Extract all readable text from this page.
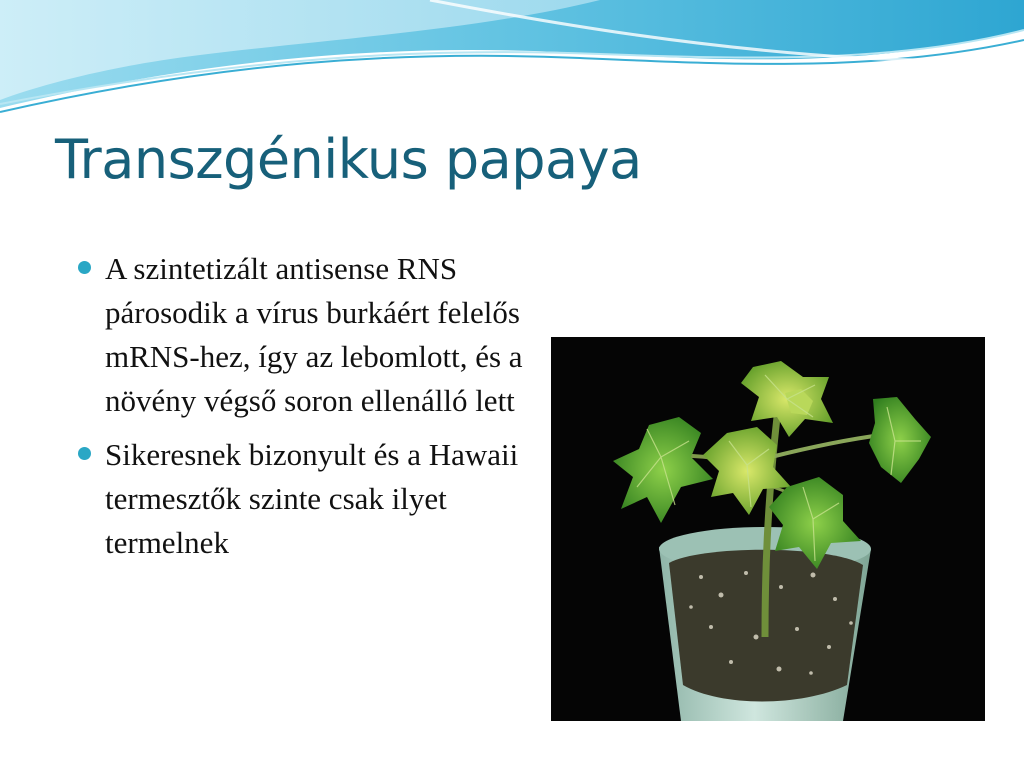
Transzgénikus papaya
A szintetizált antisense RNS párosodik a vírus burkáért felelős mRNS-hez, így az lebomlott, és a növény végső soron ellenálló lett
Sikeresnek bizonyult és a Hawaii termesztők szinte csak ilyet termelnek
